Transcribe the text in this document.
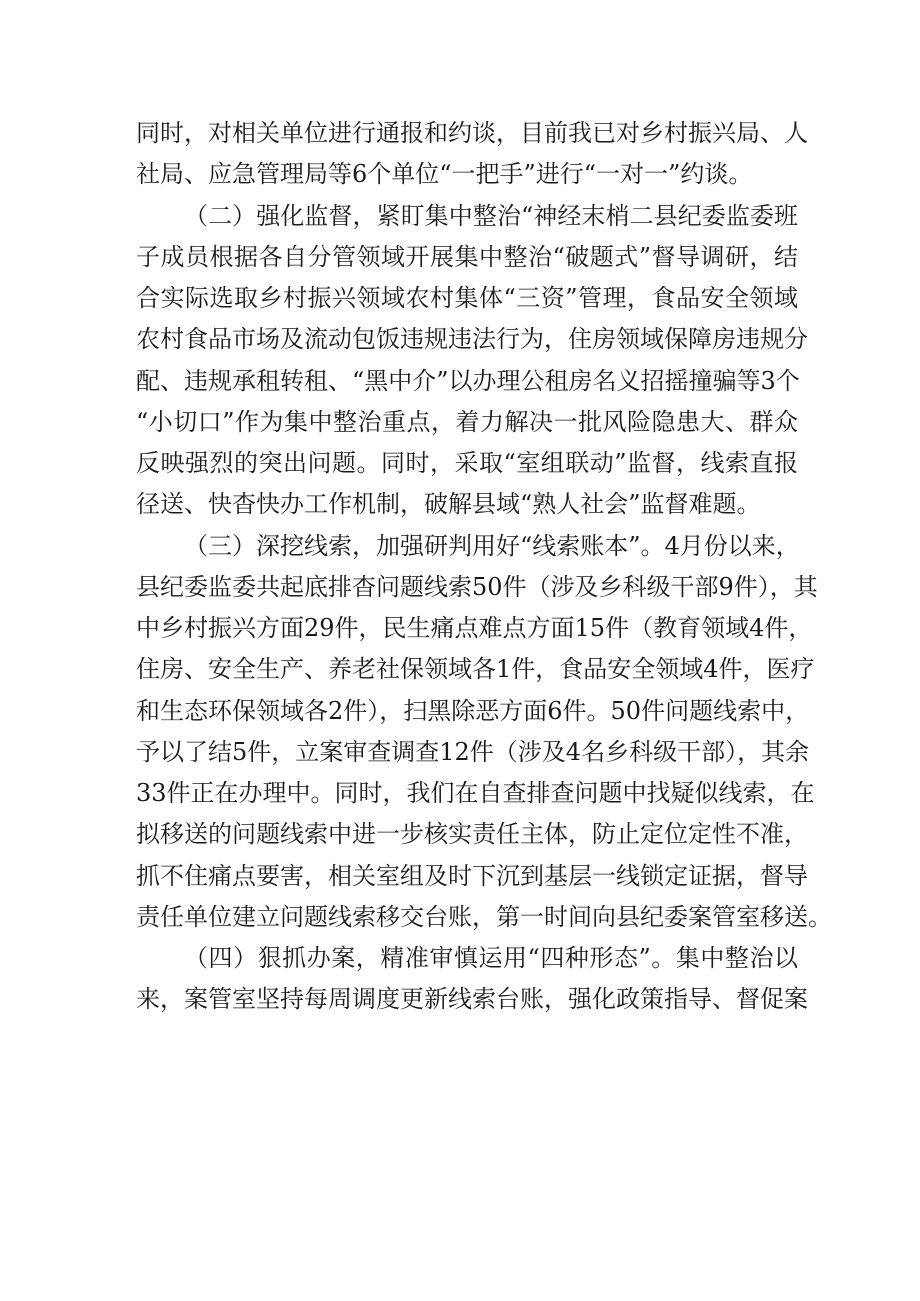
同时，对相关单位进行通报和约谈，目前我已对乡村振兴局、人
社局、应急管理局等6个单位“一把手”进行“一对一”约谈。
（二）强化监督，紧盯集中整治“神经末梢二县纪委监委班
子成员根据各自分管领域开展集中整治“破题式”督导调研，结
合实际选取乡村振兴领域农村集体“三资”管理，食品安全领域
农村食品市场及流动包饭违规违法行为，住房领域保障房违规分
配、违规承租转租、“黑中介”以办理公租房名义招摇撞骗等3个
“小切口”作为集中整治重点，着力解决一批风险隐患大、群众
反映强烈的突出问题。同时，采取“室组联动”监督，线索直报
径送、快杳快办工作机制，破解县域“熟人社会”监督难题。
（三）深挖线索，加强研判用好“线索账本”。4月份以来，
县纪委监委共起底排杳问题线索50件（涉及乡科级干部9件），其
中乡村振兴方面29件，民生痛点难点方面15件（教育领域4件，
住房、安全生产、养老社保领域各1件，食品安全领域4件，医疗
和生态环保领域各2件），扫黑除恶方面6件。50件问题线索中，
予以了结5件，立案审查调查12件（涉及4名乡科级干部），其余
33件正在办理中。同时，我们在自查排查问题中找疑似线索，在
拟移送的问题线索中进一步核实责任主体，防止定位定性不准，
抓不住痛点要害，相关室组及时下沉到基层一线锁定证据，督导
责任单位建立问题线索移交台账，第一时间向县纪委案管室移送。
（四）狠抓办案，精准审慎运用“四种形态”。集中整治以
来，案管室坚持每周调度更新线索台账，强化政策指导、督促案
